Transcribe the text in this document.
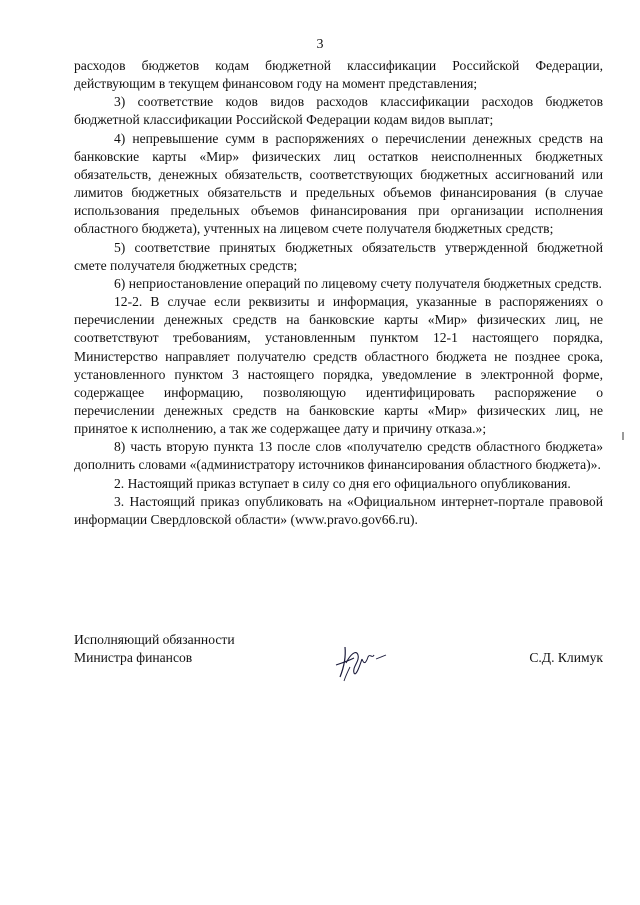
3

расходов бюджетов кодам бюджетной классификации Российской Федерации, действующим в текущем финансовом году на момент представления;

3) соответствие кодов видов расходов классификации расходов бюджетов бюджетной классификации Российской Федерации кодам видов выплат;

4) непревышение сумм в распоряжениях о перечислении денежных средств на банковские карты «Мир» физических лиц остатков неисполненных бюджетных обязательств, денежных обязательств, соответствующих бюджетных ассигнований или лимитов бюджетных обязательств и предельных объемов финансирования (в случае использования предельных объемов финансирования при организации исполнения областного бюджета), учтенных на лицевом счете получателя бюджетных средств;

5) соответствие принятых бюджетных обязательств утвержденной бюджетной смете получателя бюджетных средств;

6) неприостановление операций по лицевому счету получателя бюджетных средств.

12-2. В случае если реквизиты и информация, указанные в распоряжениях о перечислении денежных средств на банковские карты «Мир» физических лиц, не соответствуют требованиям, установленным пунктом 12-1 настоящего порядка, Министерство направляет получателю средств областного бюджета не позднее срока, установленного пунктом 3 настоящего порядка, уведомление в электронной форме, содержащее информацию, позволяющую идентифицировать распоряжение о перечислении денежных средств на банковские карты «Мир» физических лиц, не принятое к исполнению, а так же содержащее дату и причину отказа.»;

8) часть вторую пункта 13 после слов «получателю средств областного бюджета» дополнить словами «(администратору источников финансирования областного бюджета)».

2. Настоящий приказ вступает в силу со дня его официального опубликования.

3. Настоящий приказ опубликовать на «Официальном интернет-портале правовой информации Свердловской области» (www.pravo.gov66.ru).

Исполняющий обязанности
Министра финансов	С.Д. Климук
